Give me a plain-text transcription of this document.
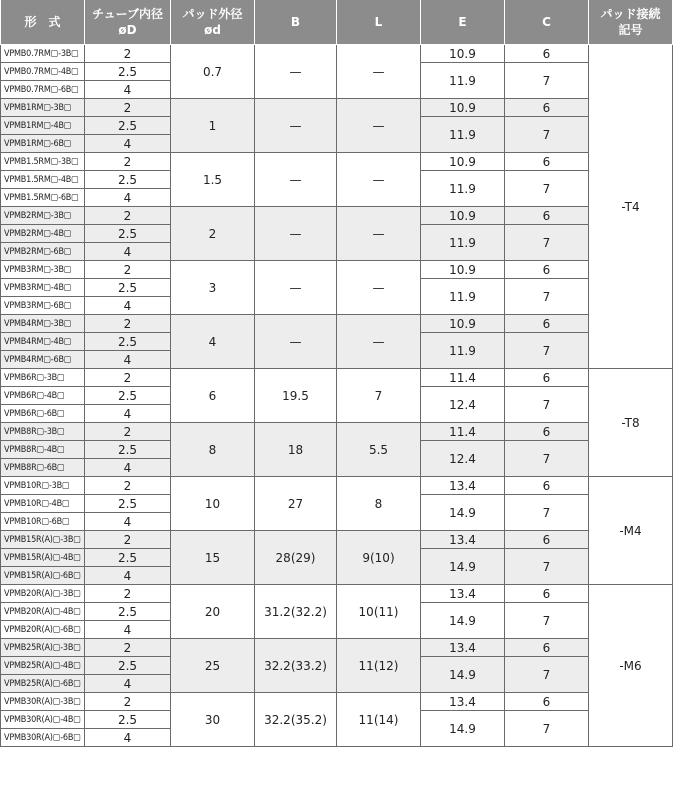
形　式	チューブ内径
øD	パッド外径
ød	B	L	E	C	パッド接続
記号

VPMB0.7RM▢-3B▢	2	0.7	—	—	10.9	6	-T4
VPMB0.7RM▢-4B▢	2.5				11.9	7	
VPMB0.7RM▢-6B▢	4						
VPMB1RM▢-3B▢	2	1	—	—	10.9	6	
VPMB1RM▢-4B▢	2.5				11.9	7	
VPMB1RM▢-6B▢	4						
VPMB1.5RM▢-3B▢	2	1.5	—	—	10.9	6	
VPMB1.5RM▢-4B▢	2.5				11.9	7	
VPMB1.5RM▢-6B▢	4						
VPMB2RM▢-3B▢	2	2	—	—	10.9	6	
VPMB2RM▢-4B▢	2.5				11.9	7	
VPMB2RM▢-6B▢	4						
VPMB3RM▢-3B▢	2	3	—	—	10.9	6	
VPMB3RM▢-4B▢	2.5				11.9	7	
VPMB3RM▢-6B▢	4						
VPMB4RM▢-3B▢	2	4	—	—	10.9	6	
VPMB4RM▢-4B▢	2.5				11.9	7	
VPMB4RM▢-6B▢	4						
VPMB6R▢-3B▢	2	6	19.5	7	11.4	6	-T8
VPMB6R▢-4B▢	2.5				12.4	7	
VPMB6R▢-6B▢	4						
VPMB8R▢-3B▢	2	8	18	5.5	11.4	6	
VPMB8R▢-4B▢	2.5				12.4	7	
VPMB8R▢-6B▢	4						
VPMB10R▢-3B▢	2	10	27	8	13.4	6	-M4
VPMB10R▢-4B▢	2.5				14.9	7	
VPMB10R▢-6B▢	4						
VPMB15R(A)▢-3B▢	2	15	28(29)	9(10)	13.4	6	
VPMB15R(A)▢-4B▢	2.5				14.9	7	
VPMB15R(A)▢-6B▢	4						
VPMB20R(A)▢-3B▢	2	20	31.2(32.2)	10(11)	13.4	6	-M6
VPMB20R(A)▢-4B▢	2.5				14.9	7	
VPMB20R(A)▢-6B▢	4						
VPMB25R(A)▢-3B▢	2	25	32.2(33.2)	11(12)	13.4	6	
VPMB25R(A)▢-4B▢	2.5				14.9	7	
VPMB25R(A)▢-6B▢	4						
VPMB30R(A)▢-3B▢	2	30	32.2(35.2)	11(14)	13.4	6	
VPMB30R(A)▢-4B▢	2.5				14.9	7	
VPMB30R(A)▢-6B▢	4						
